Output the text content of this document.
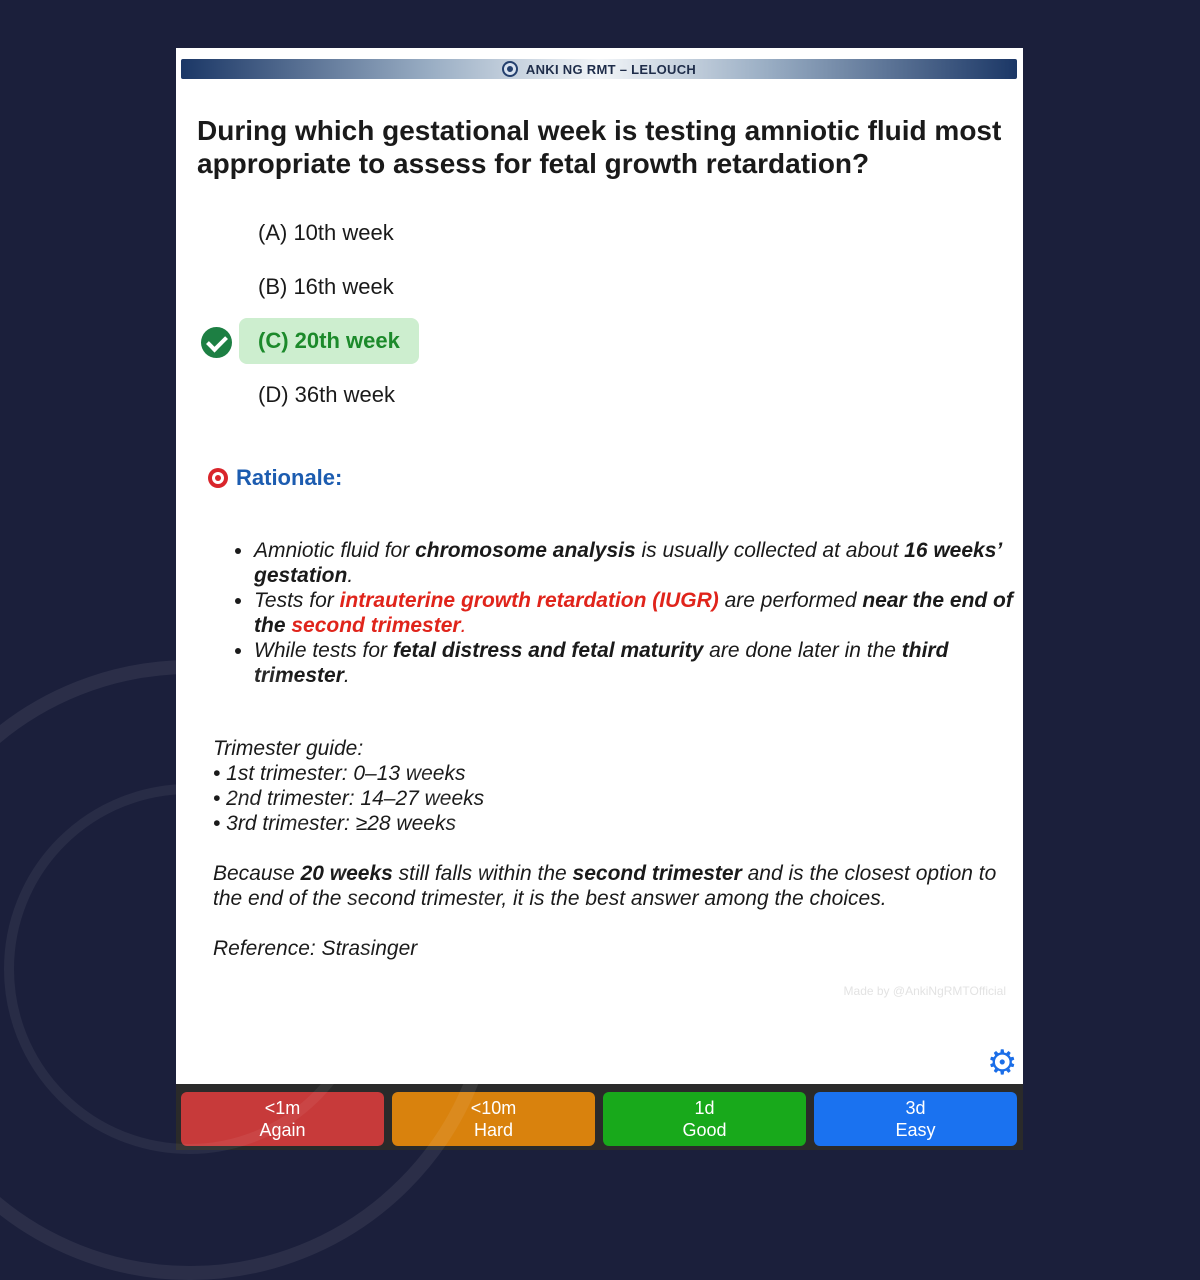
ANKI NG RMT – LELOUCH
During which gestational week is testing amniotic fluid most appropriate to assess for fetal growth retardation?
(A) 10th week
(B) 16th week
(C) 20th week
(D) 36th week
Rationale:
• Amniotic fluid for chromosome analysis is usually collected at about 16 weeks’ gestation.
• Tests for intrauterine growth retardation (IUGR) are performed near the end of the second trimester.
• While tests for fetal distress and fetal maturity are done later in the third trimester.

Trimester guide:

• 1st trimester: 0–13 weeks

• 2nd trimester: 14–27 weeks

• 3rd trimester: ≥28 weeks

Because 20 weeks still falls within the second trimester and is the closest option to the end of the second trimester, it is the best answer among the choices.

Reference: Strasinger

Made by @AnkiNgRMTOfficial
⚙
<1m
Again
<10m
Hard
1d
Good
3d
Easy
